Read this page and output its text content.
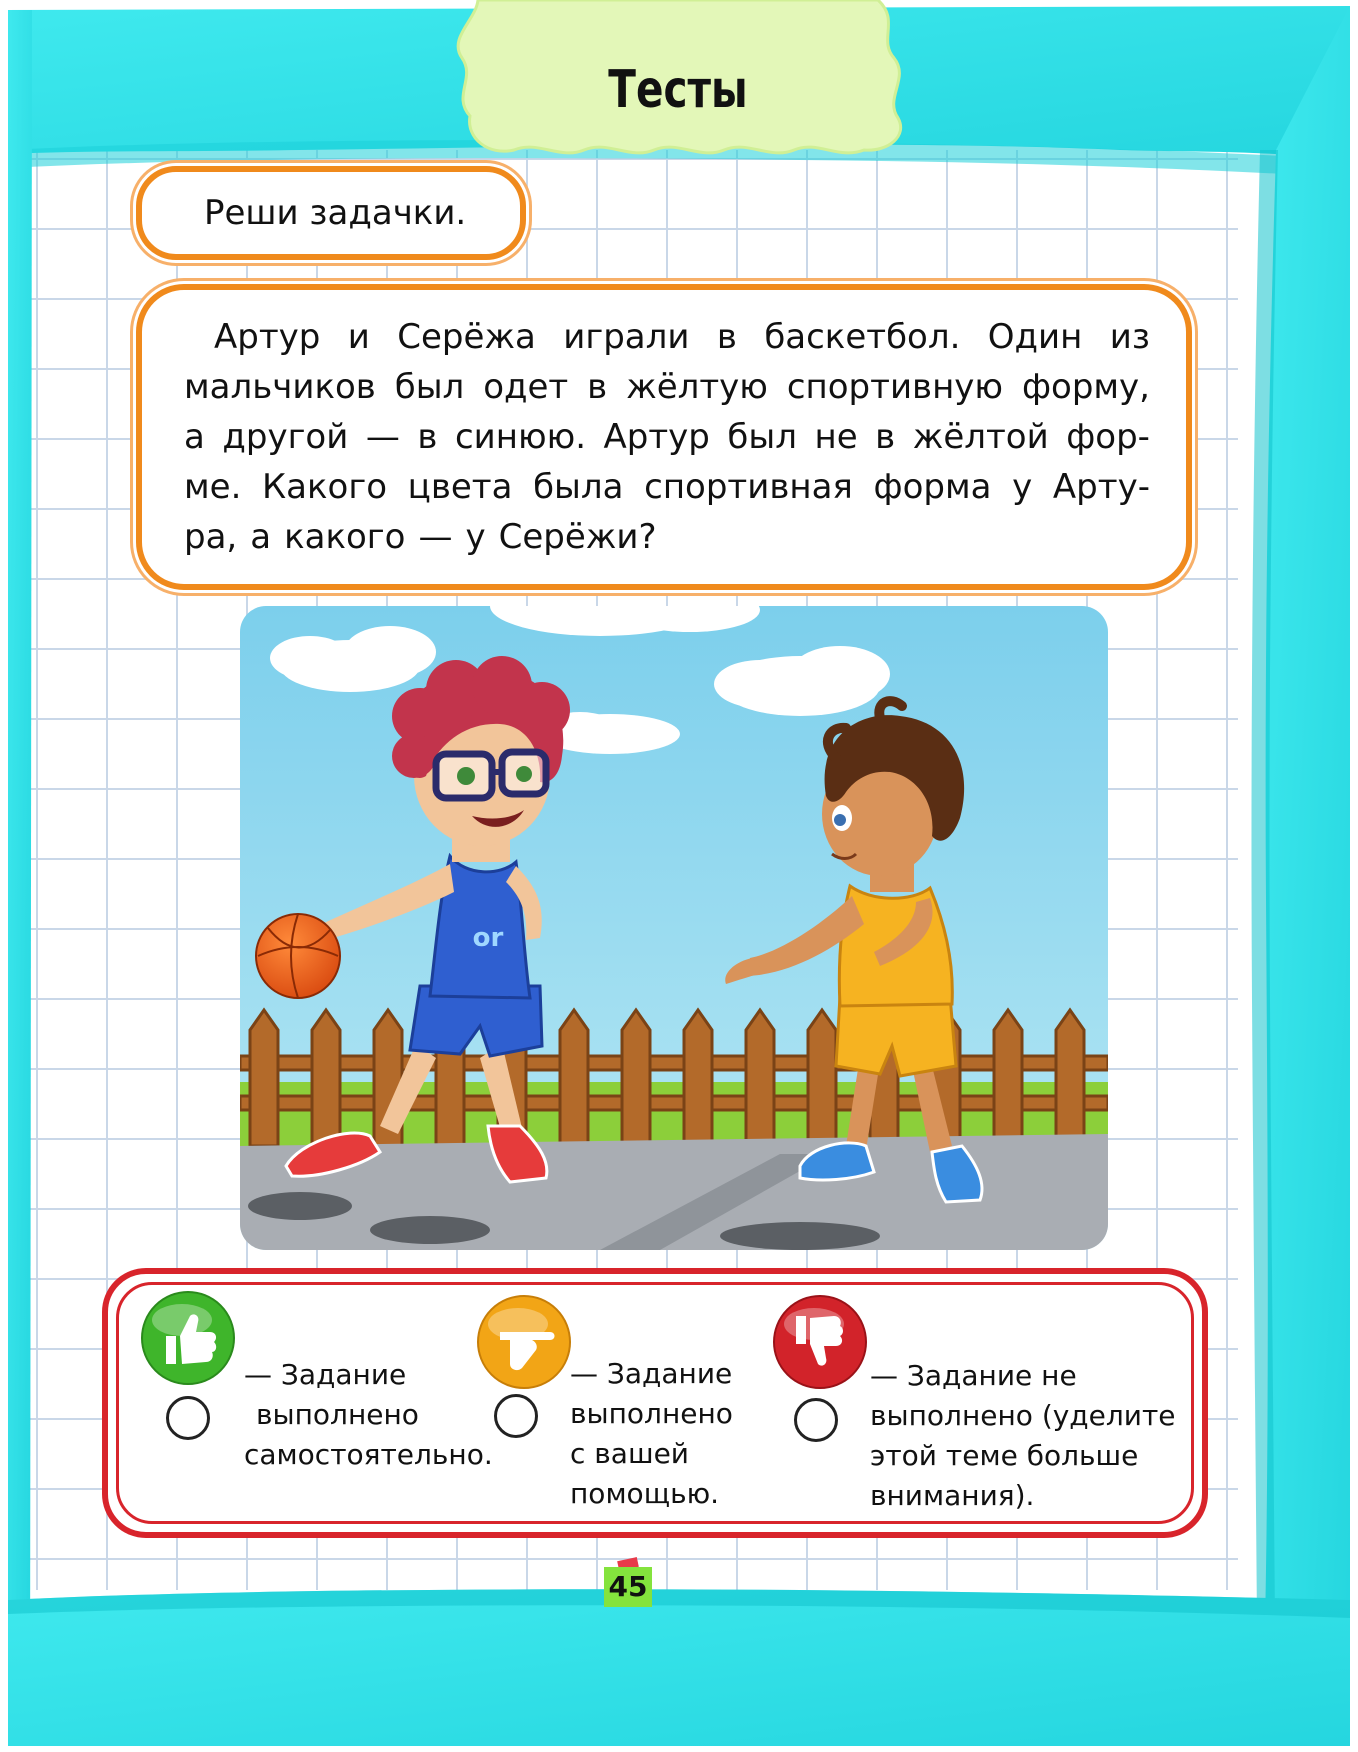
Тесты
Реши задачки.
Артур и Серёжа играли в баскетбол. Один из
мальчиков был одет в жёлтую спортивную форму,
а другой — в синюю. Артур был не в жёлтой фор-
ме. Какого цвета была спортивная форма у Арту-
ра, а какого — у Серёжи?
or
— Задание
выполнено
самостоятельно.
— Задание
выполнено
с вашей
помощью.
— Задание не
выполнено (уделите
этой теме больше
внимания).
45
